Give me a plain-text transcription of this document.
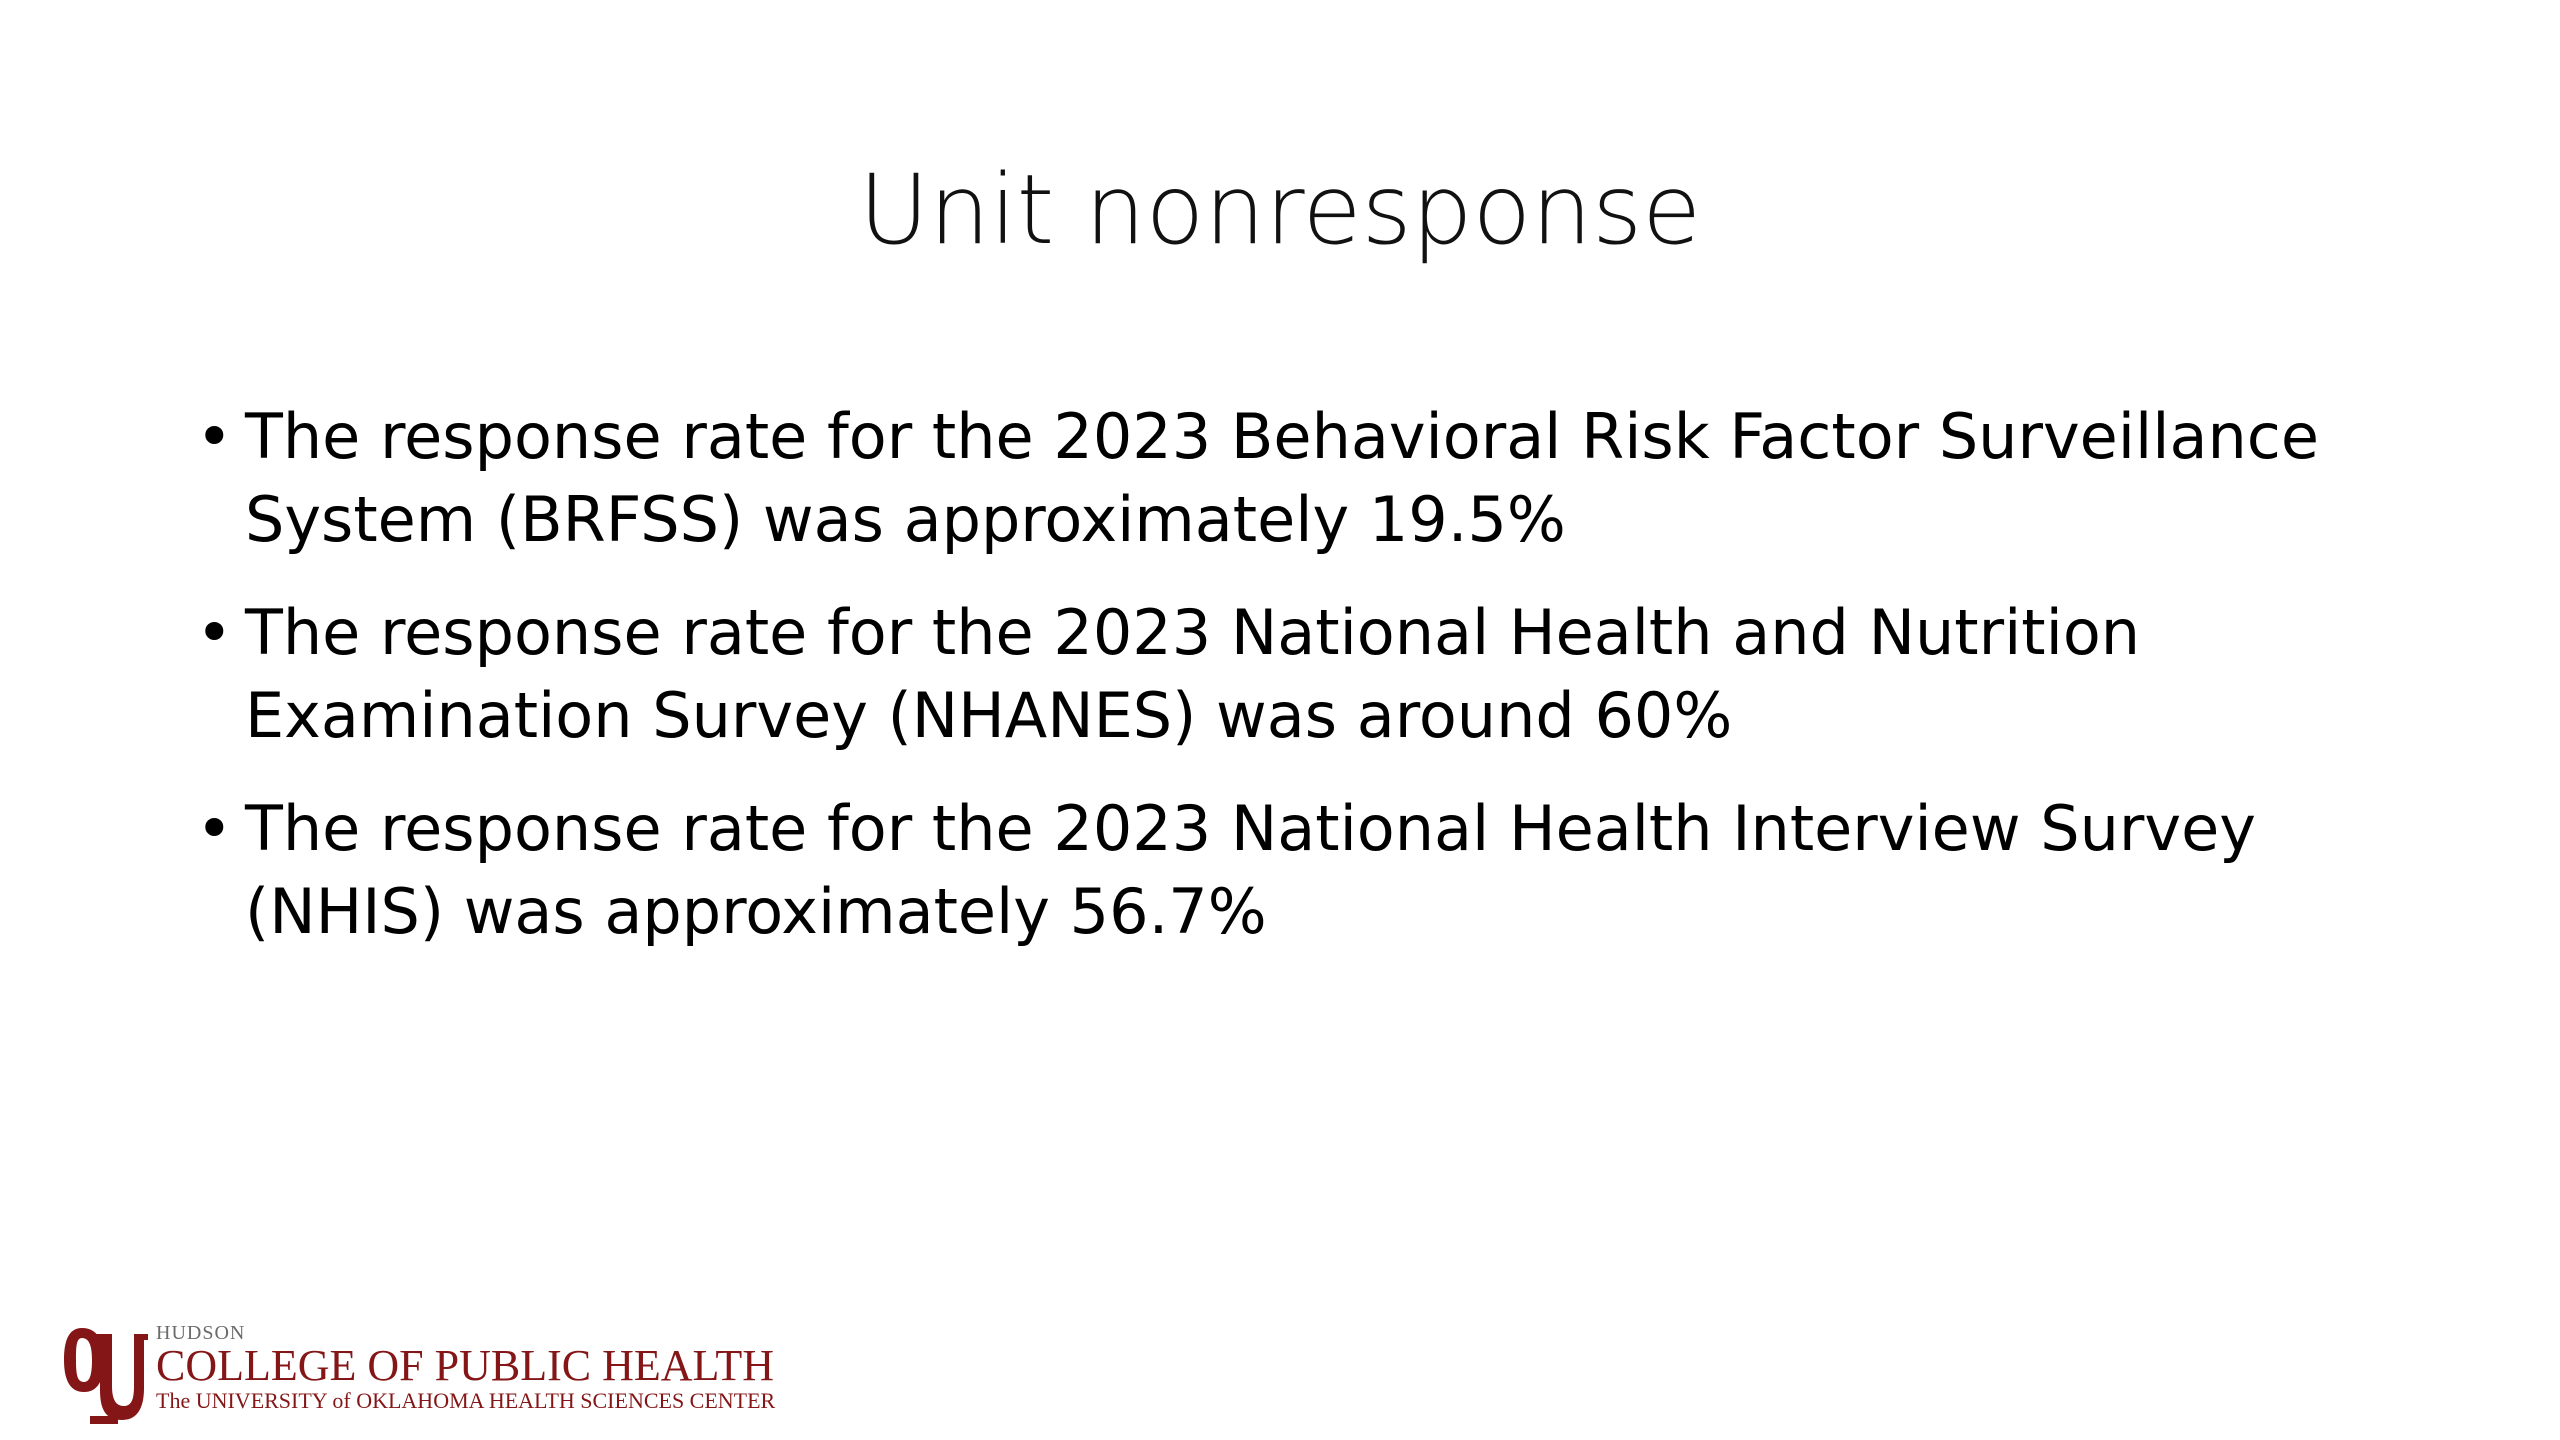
Unit nonresponse
• The response rate for the 2023 Behavioral Risk Factor Surveillance System (BRFSS) was approximately 19.5%
• The response rate for the 2023 National Health and Nutrition Examination Survey (NHANES) was around 60%
• The response rate for the 2023 National Health Interview Survey (NHIS) was approximately 56.7%
HUDSON
COLLEGE OF PUBLIC HEALTH
The UNIVERSITY of OKLAHOMA HEALTH SCIENCES CENTER
